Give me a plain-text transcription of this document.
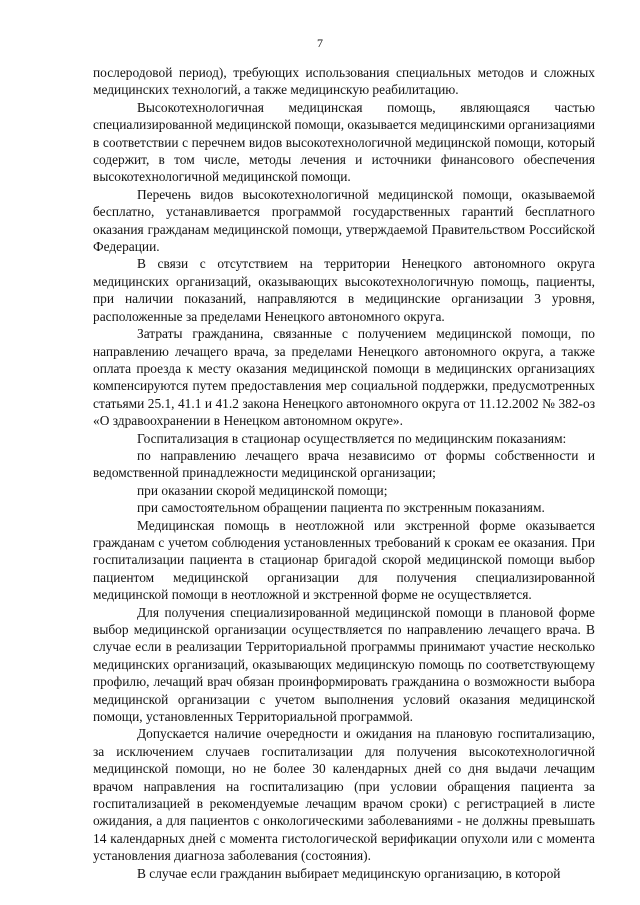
7

послеродовой период), требующих использования специальных методов и сложных медицинских технологий, а также медицинскую реабилитацию.

Высокотехнологичная медицинская помощь, являющаяся частью специализированной медицинской помощи, оказывается медицинскими организациями в соответствии с перечнем видов высокотехнологичной медицинской помощи, который содержит, в том числе, методы лечения и источники финансового обеспечения высокотехнологичной медицинской помощи.

Перечень видов высокотехнологичной медицинской помощи, оказываемой бесплатно, устанавливается программой государственных гарантий бесплатного оказания гражданам медицинской помощи, утверждаемой Правительством Российской Федерации.

В связи с отсутствием на территории Ненецкого автономного округа медицинских организаций, оказывающих высокотехнологичную помощь, пациенты, при наличии показаний, направляются в медицинские организации 3 уровня, расположенные за пределами Ненецкого автономного округа.

Затраты гражданина, связанные с получением медицинской помощи, по направлению лечащего врача, за пределами Ненецкого автономного округа, а также оплата проезда к месту оказания медицинской помощи в медицинских организациях компенсируются путем предоставления мер социальной поддержки, предусмотренных статьями 25.1, 41.1 и 41.2 закона Ненецкого автономного округа от 11.12.2002 № 382-оз «О здравоохранении в Ненецком автономном округе».

Госпитализация в стационар осуществляется по медицинским показаниям:

по направлению лечащего врача независимо от формы собственности и ведомственной принадлежности медицинской организации;

при оказании скорой медицинской помощи;

при самостоятельном обращении пациента по экстренным показаниям.

Медицинская помощь в неотложной или экстренной форме оказывается гражданам с учетом соблюдения установленных требований к срокам ее оказания. При госпитализации пациента в стационар бригадой скорой медицинской помощи выбор пациентом медицинской организации для получения специализированной медицинской помощи в неотложной и экстренной форме не осуществляется.

Для получения специализированной медицинской помощи в плановой форме выбор медицинской организации осуществляется по направлению лечащего врача. В случае если в реализации Территориальной программы принимают участие несколько медицинских организаций, оказывающих медицинскую помощь по соответствующему профилю, лечащий врач обязан проинформировать гражданина о возможности выбора медицинской организации с учетом выполнения условий оказания медицинской помощи, установленных Территориальной программой.

Допускается наличие очередности и ожидания на плановую госпитализацию, за исключением случаев госпитализации для получения высокотехнологичной медицинской помощи, но не более 30 календарных дней со дня выдачи лечащим врачом направления на госпитализацию (при условии обращения пациента за госпитализацией в рекомендуемые лечащим врачом сроки) с регистрацией в листе ожидания, а для пациентов с онкологическими заболеваниями - не должны превышать 14 календарных дней с момента гистологической верификации опухоли или с момента установления диагноза заболевания (состояния).

В случае если гражданин выбирает медицинскую организацию, в которой
